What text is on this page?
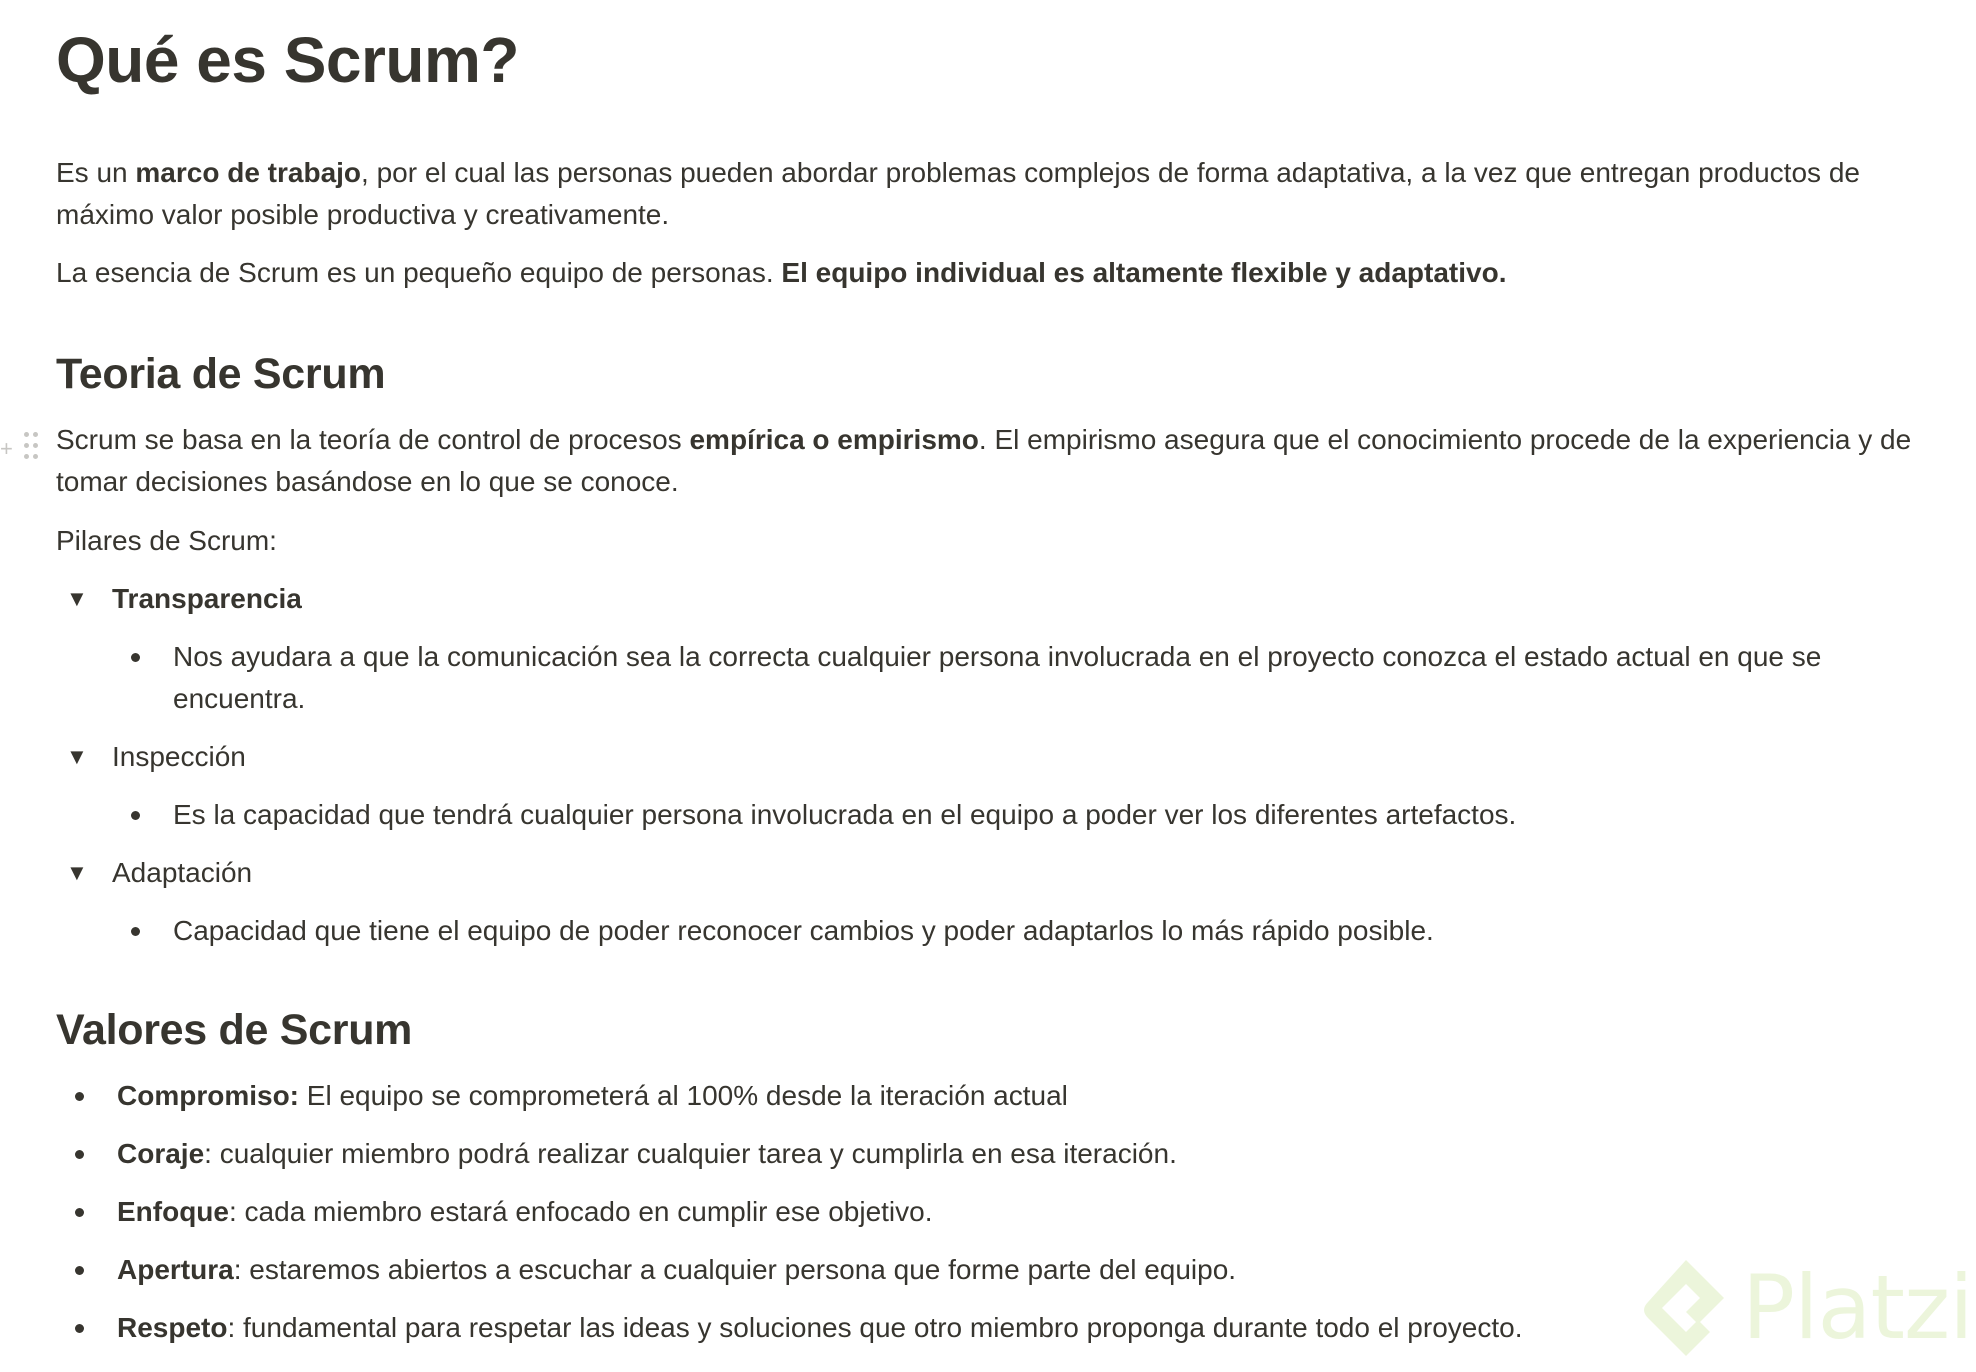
Qué es Scrum?

Es un marco de trabajo, por el cual las personas pueden abordar problemas complejos de forma adaptativa, a la vez que entregan productos de máximo valor posible productiva y creativamente.

La esencia de Scrum es un pequeño equipo de personas. El equipo individual es altamente flexible y adaptativo.

Teoria de Scrum
+ Scrum se basa en la teoría de control de procesos empírica o empirismo. El empirismo asegura que el conocimiento procede de la experiencia y de tomar decisiones basándose en lo que se conoce.

Pilares de Scrum:

▼ Transparencia
Nos ayudara a que la comunicación sea la correcta cualquier persona involucrada en el proyecto conozca el estado actual en que se encuentra.
▼ Inspección
Es la capacidad que tendrá cualquier persona involucrada en el equipo a poder ver los diferentes artefactos.
▼ Adaptación
Capacidad que tiene el equipo de poder reconocer cambios y poder adaptarlos lo más rápido posible.
Valores de Scrum
Compromiso: El equipo se comprometerá al 100% desde la iteración actual
Coraje: cualquier miembro podrá realizar cualquier tarea y cumplirla en esa iteración.
Enfoque: cada miembro estará enfocado en cumplir ese objetivo.
Apertura: estaremos abiertos a escuchar a cualquier persona que forme parte del equipo.
Respeto: fundamental para respetar las ideas y soluciones que otro miembro proponga durante todo el proyecto. Platzi
